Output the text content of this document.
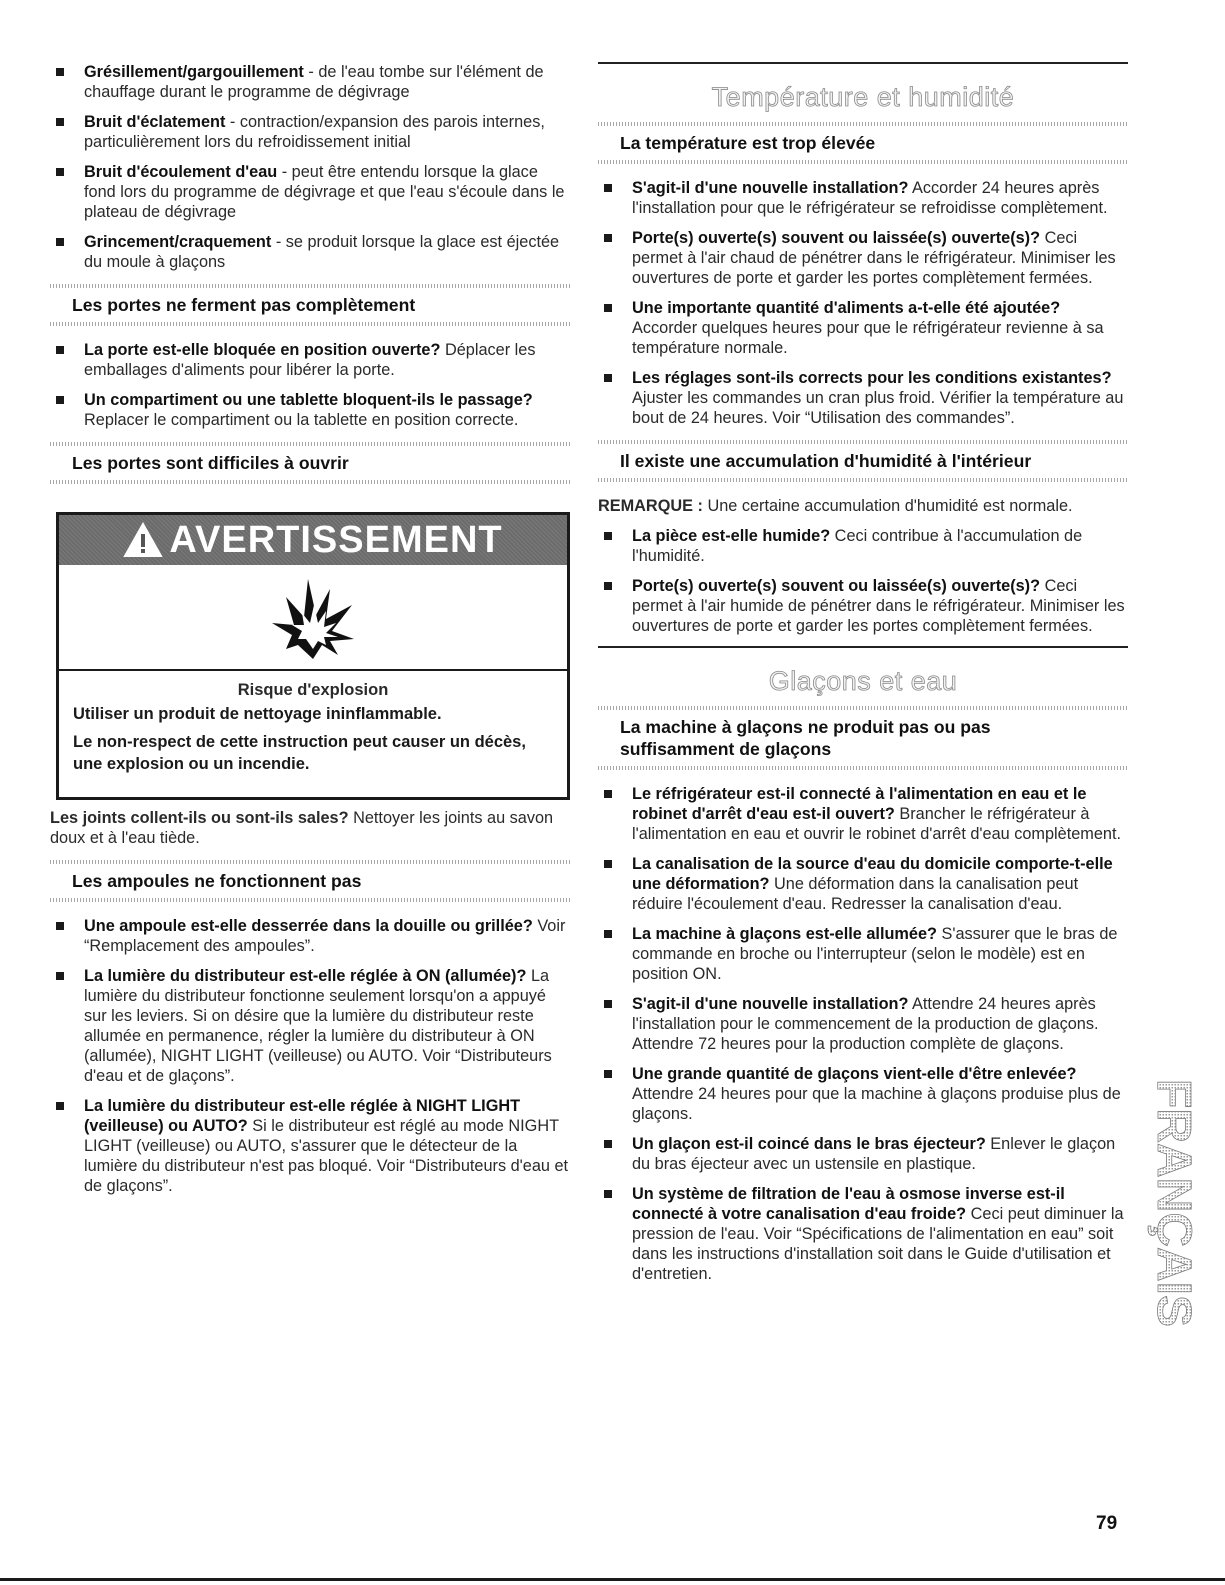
Grésillement/gargouillement - de l'eau tombe sur l'élément de chauffage durant le programme de dégivrage
Bruit d'éclatement - contraction/expansion des parois internes, particulièrement lors du refroidissement initial
Bruit d'écoulement d'eau - peut être entendu lorsque la glace fond lors du programme de dégivrage et que l'eau s'écoule dans le plateau de dégivrage
Grincement/craquement - se produit lorsque la glace est éjectée du moule à glaçons
Les portes ne ferment pas complètement
La porte est-elle bloquée en position ouverte? Déplacer les emballages d'aliments pour libérer la porte.
Un compartiment ou une tablette bloquent-ils le passage? Replacer le compartiment ou la tablette en position correcte.
Les portes sont difficiles à ouvrir
AVERTISSEMENT
Risque d'explosion

Utiliser un produit de nettoyage ininflammable.

Le non-respect de cette instruction peut causer un décès, une explosion ou un incendie.

Les joints collent-ils ou sont-ils sales? Nettoyer les joints au savon doux et à l'eau tiède.
Les ampoules ne fonctionnent pas
Une ampoule est-elle desserrée dans la douille ou grillée? Voir “Remplacement des ampoules”.
La lumière du distributeur est-elle réglée à ON (allumée)? La lumière du distributeur fonctionne seulement lorsqu'on a appuyé sur les leviers. Si on désire que la lumière du distributeur reste allumée en permanence, régler la lumière du distributeur à ON (allumée), NIGHT LIGHT (veilleuse) ou AUTO. Voir “Distributeurs d'eau et de glaçons”.
La lumière du distributeur est-elle réglée à NIGHT LIGHT (veilleuse) ou AUTO? Si le distributeur est réglé au mode NIGHT LIGHT (veilleuse) ou AUTO, s'assurer que le détecteur de la lumière du distributeur n'est pas bloqué. Voir “Distributeurs d'eau et de glaçons”.
Température et humidité
La température est trop élevée
S'agit-il d'une nouvelle installation? Accorder 24 heures après l'installation pour que le réfrigérateur se refroidisse complètement.
Porte(s) ouverte(s) souvent ou laissée(s) ouverte(s)? Ceci permet à l'air chaud de pénétrer dans le réfrigérateur. Minimiser les ouvertures de porte et garder les portes complètement fermées.
Une importante quantité d'aliments a-t-elle été ajoutée? Accorder quelques heures pour que le réfrigérateur revienne à sa température normale.
Les réglages sont-ils corrects pour les conditions existantes? Ajuster les commandes un cran plus froid. Vérifier la température au bout de 24 heures. Voir “Utilisation des commandes”.
Il existe une accumulation d'humidité à l'intérieur
REMARQUE : Une certaine accumulation d'humidité est normale.
La pièce est-elle humide? Ceci contribue à l'accumulation de l'humidité.
Porte(s) ouverte(s) souvent ou laissée(s) ouverte(s)? Ceci permet à l'air humide de pénétrer dans le réfrigérateur. Minimiser les ouvertures de porte et garder les portes complètement fermées.
Glaçons et eau
La machine à glaçons ne produit pas ou pas
suffisamment de glaçons
Le réfrigérateur est-il connecté à l'alimentation en eau et le robinet d'arrêt d'eau est-il ouvert? Brancher le réfrigérateur à l'alimentation en eau et ouvrir le robinet d'arrêt d'eau complètement.
La canalisation de la source d'eau du domicile comporte-t-elle une déformation? Une déformation dans la canalisation peut réduire l'écoulement d'eau. Redresser la canalisation d'eau.
La machine à glaçons est-elle allumée? S'assurer que le bras de commande en broche ou l'interrupteur (selon le modèle) est en position ON.
S'agit-il d'une nouvelle installation? Attendre 24 heures après l'installation pour le commencement de la production de glaçons. Attendre 72 heures pour la production complète de glaçons.
Une grande quantité de glaçons vient-elle d'être enlevée? Attendre 24 heures pour que la machine à glaçons produise plus de glaçons.
Un glaçon est-il coincé dans le bras éjecteur? Enlever le glaçon du bras éjecteur avec un ustensile en plastique.
Un système de filtration de l'eau à osmose inverse est-il connecté à votre canalisation d'eau froide? Ceci peut diminuer la pression de l'eau. Voir “Spécifications de l'alimentation en eau” soit dans les instructions d'installation soit dans le Guide d'utilisation et d'entretien.	FRANÇAIS
79
